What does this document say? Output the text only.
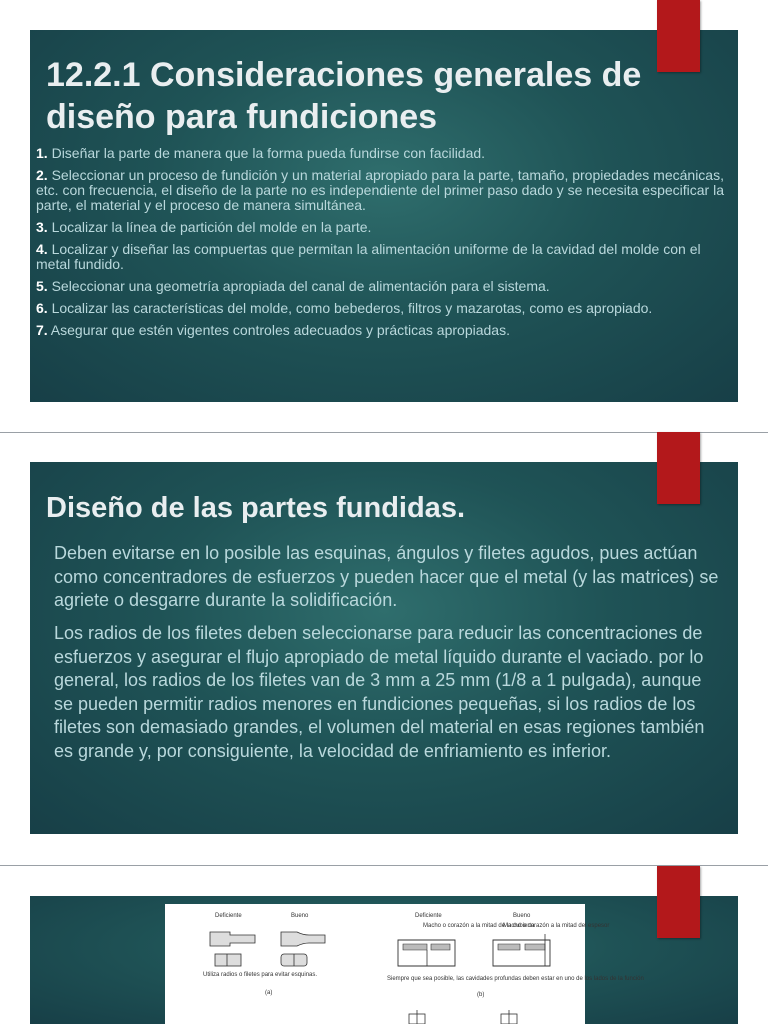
12.2.1 Consideraciones generales de diseño para fundiciones
1. Diseñar la parte de manera que la forma pueda fundirse con facilidad.
2. Seleccionar un proceso de fundición y un material apropiado para la parte, tamaño, propiedades mecánicas, etc. con frecuencia, el diseño de la parte no es independiente del primer paso dado y se necesita especificar la parte, el material y el proceso de manera simultánea.
3. Localizar la línea de partición del molde en la parte.
4. Localizar y diseñar las compuertas que permitan la alimentación uniforme de la cavidad del molde con el metal fundido.
5. Seleccionar una geometría apropiada del canal de alimentación para el sistema.
6. Localizar las características del molde, como bebederos, filtros y mazarotas, como es apropiado.
7. Asegurar que estén vigentes controles adecuados y prácticas apropiadas.
Diseño de las partes fundidas.

Deben evitarse en lo posible las esquinas, ángulos y filetes agudos, pues actúan como concentradores de esfuerzos y pueden hacer que el metal (y las matrices) se agriete o desgarre durante la solidificación.

Los radios de los filetes deben seleccionarse para reducir las concentraciones de esfuerzos y asegurar el flujo apropiado de metal líquido durante el vaciado. por lo general, los radios de los filetes van de 3 mm a 25 mm (1/8 a 1 pulgada), aunque se pueden permitir radios menores en fundiciones pequeñas, si los radios de los filetes son demasiado grandes, el volumen del material en esas regiones también es grande y, por consiguiente, la velocidad de enfriamiento es inferior.

Deficiente	Bueno
Utiliza radios o filetes para evitar esquinas.
(a)
Deficiente	Bueno
Macho o corazón a la mitad de la cubierta
Macho o corazón a la mitad del espesor
Siempre que sea posible, las cavidades profundas deben estar en uno de los lados de la función
(b)
